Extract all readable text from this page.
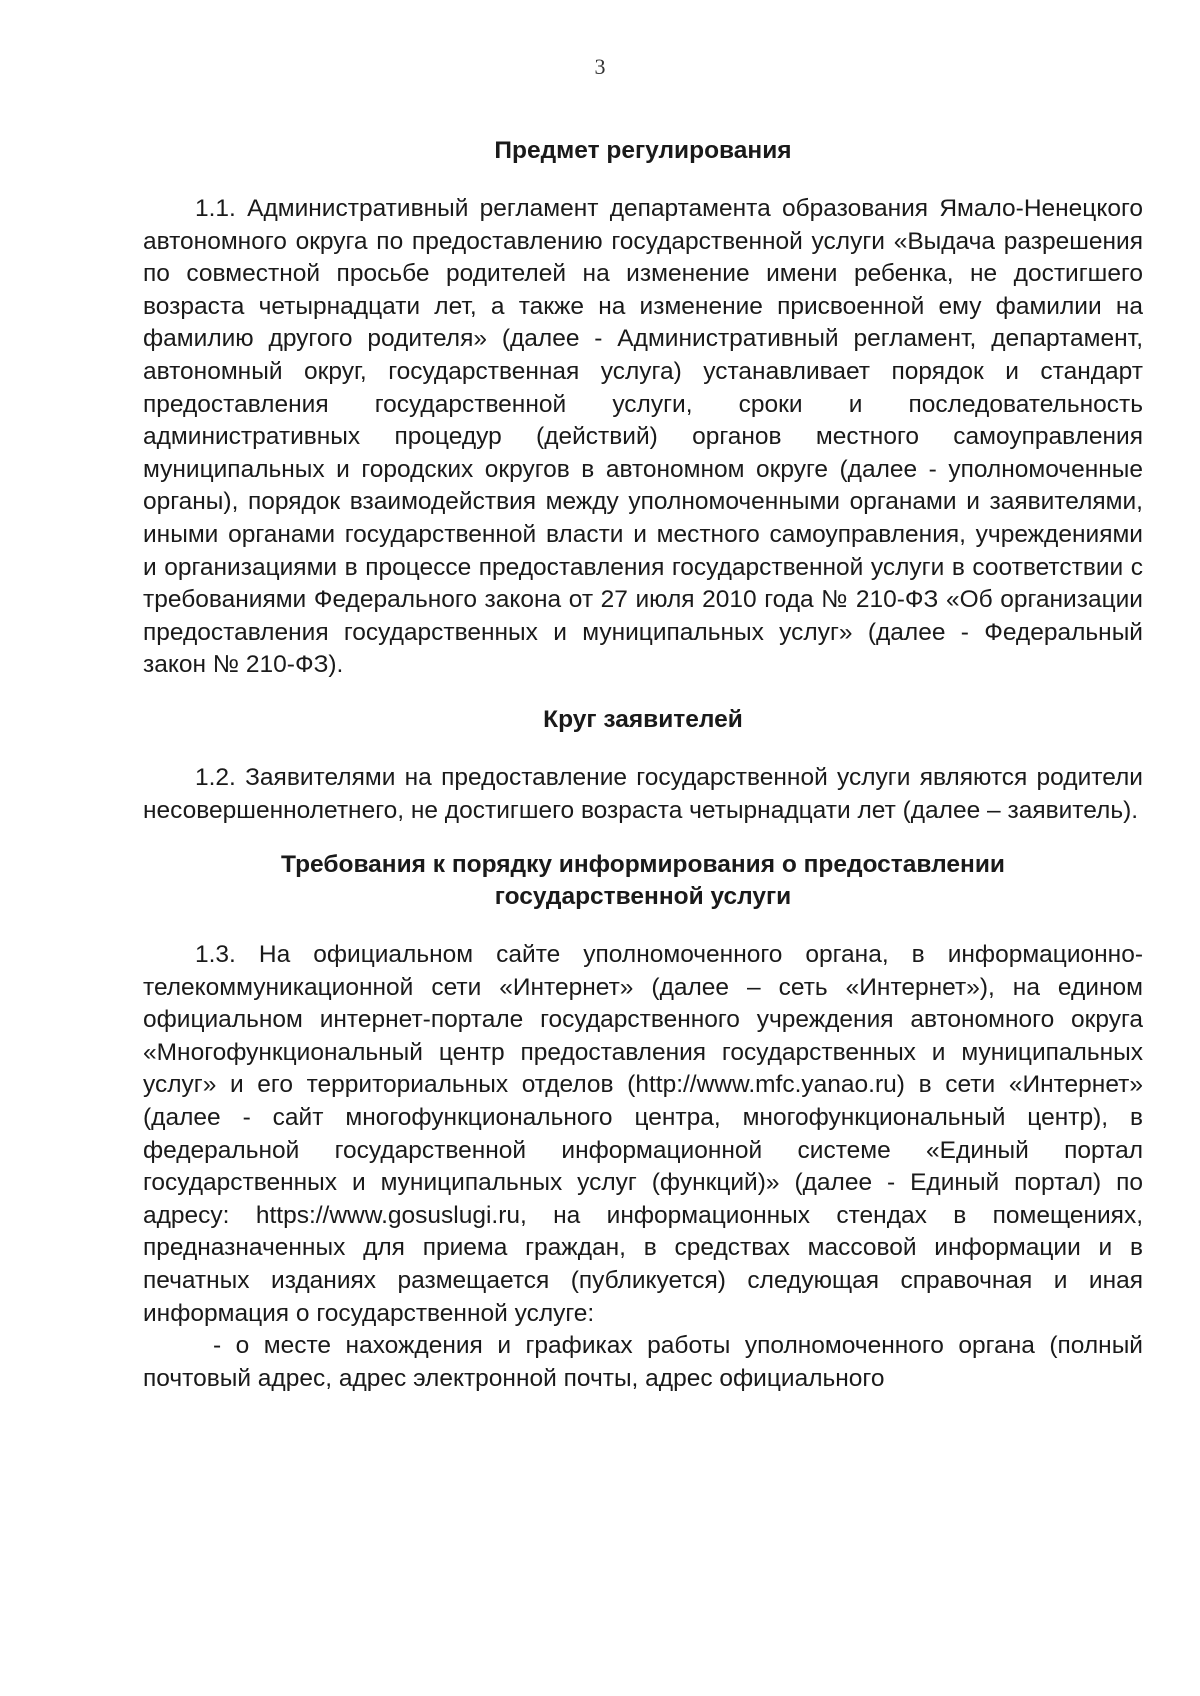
3
Предмет регулирования

1.1. Административный регламент департамента образования Ямало-Ненецкого автономного округа по предоставлению государственной услуги «Выдача разрешения по совместной просьбе родителей на изменение имени ребенка, не достигшего возраста четырнадцати лет, а также на изменение присвоенной ему фамилии на фамилию другого родителя» (далее - Административный регламент, департамент, автономный округ, государственная услуга) устанавливает порядок и стандарт предоставления государственной услуги, сроки и последовательность административных процедур (действий) органов местного самоуправления муниципальных и городских округов в автономном округе (далее - уполномоченные органы), порядок взаимодействия между уполномоченными органами и заявителями, иными органами государственной власти и местного самоуправления, учреждениями и организациями в процессе предоставления государственной услуги в соответствии с требованиями Федерального закона от 27 июля 2010 года № 210-ФЗ «Об организации предоставления государственных и муниципальных услуг» (далее - Федеральный закон № 210-ФЗ).

Круг заявителей

1.2. Заявителями на предоставление государственной услуги являются родители несовершеннолетнего, не достигшего возраста четырнадцати лет (далее – заявитель).

Требования к порядку информирования о предоставлении
государственной услуги

1.3. На официальном сайте уполномоченного органа, в информационно-телекоммуникационной сети «Интернет» (далее – сеть «Интернет»), на едином официальном интернет-портале государственного учреждения автономного округа «Многофункциональный центр предоставления государственных и муниципальных услуг» и его территориальных отделов (http://www.mfc.yanao.ru) в сети «Интернет» (далее - сайт многофункционального центра, многофункциональный центр), в федеральной государственной информационной системе «Единый портал государственных и муниципальных услуг (функций)» (далее - Единый портал) по адресу: https://www.gosuslugi.ru, на информационных стендах в помещениях, предназначенных для приема граждан, в средствах массовой информации и в печатных изданиях размещается (публикуется) следующая справочная и иная информация о государственной услуге:

- о месте нахождения и графиках работы уполномоченного органа (полный почтовый адрес, адрес электронной почты, адрес официального
